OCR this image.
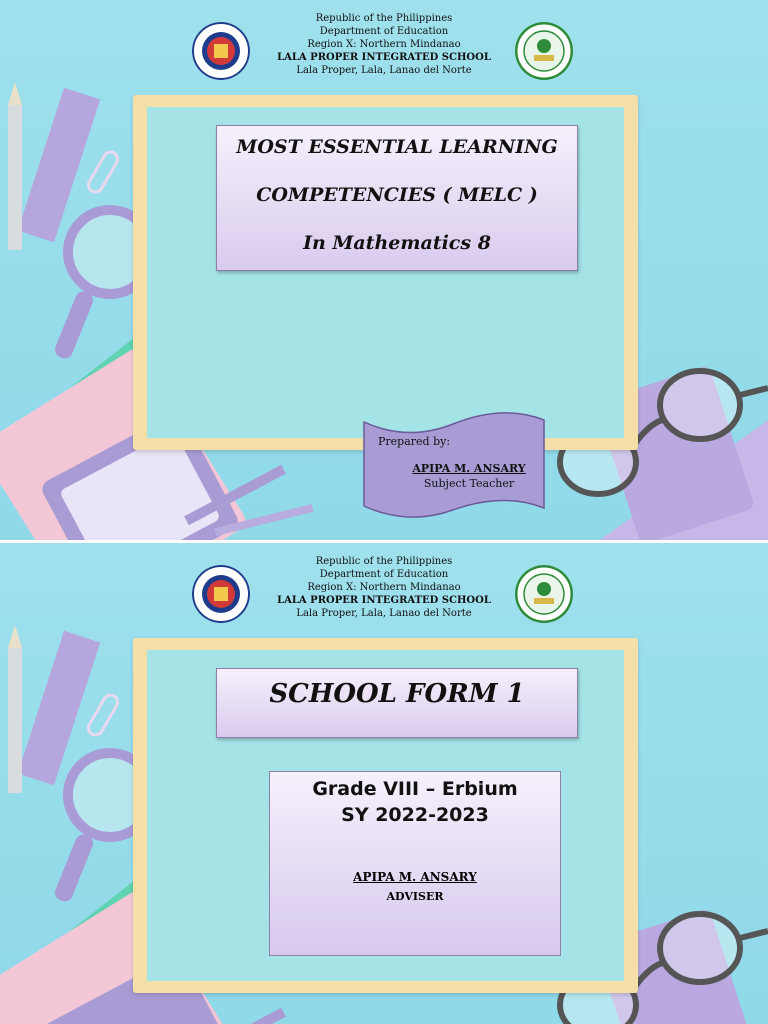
Republic of the Philippines
Department of Education
Region X: Northern Mindanao
LALA PROPER INTEGRATED SCHOOL
Lala Proper, Lala, Lanao del Norte
MOST ESSENTIAL LEARNING
COMPETENCIES ( MELC )
In Mathematics 8
Prepared by:
APIPA M. ANSARY
Subject Teacher
Republic of the Philippines
Department of Education
Region X: Northern Mindanao
LALA PROPER INTEGRATED SCHOOL
Lala Proper, Lala, Lanao del Norte
SCHOOL FORM 1
Grade VIII – Erbium
SY 2022-2023
APIPA M. ANSARY
ADVISER
